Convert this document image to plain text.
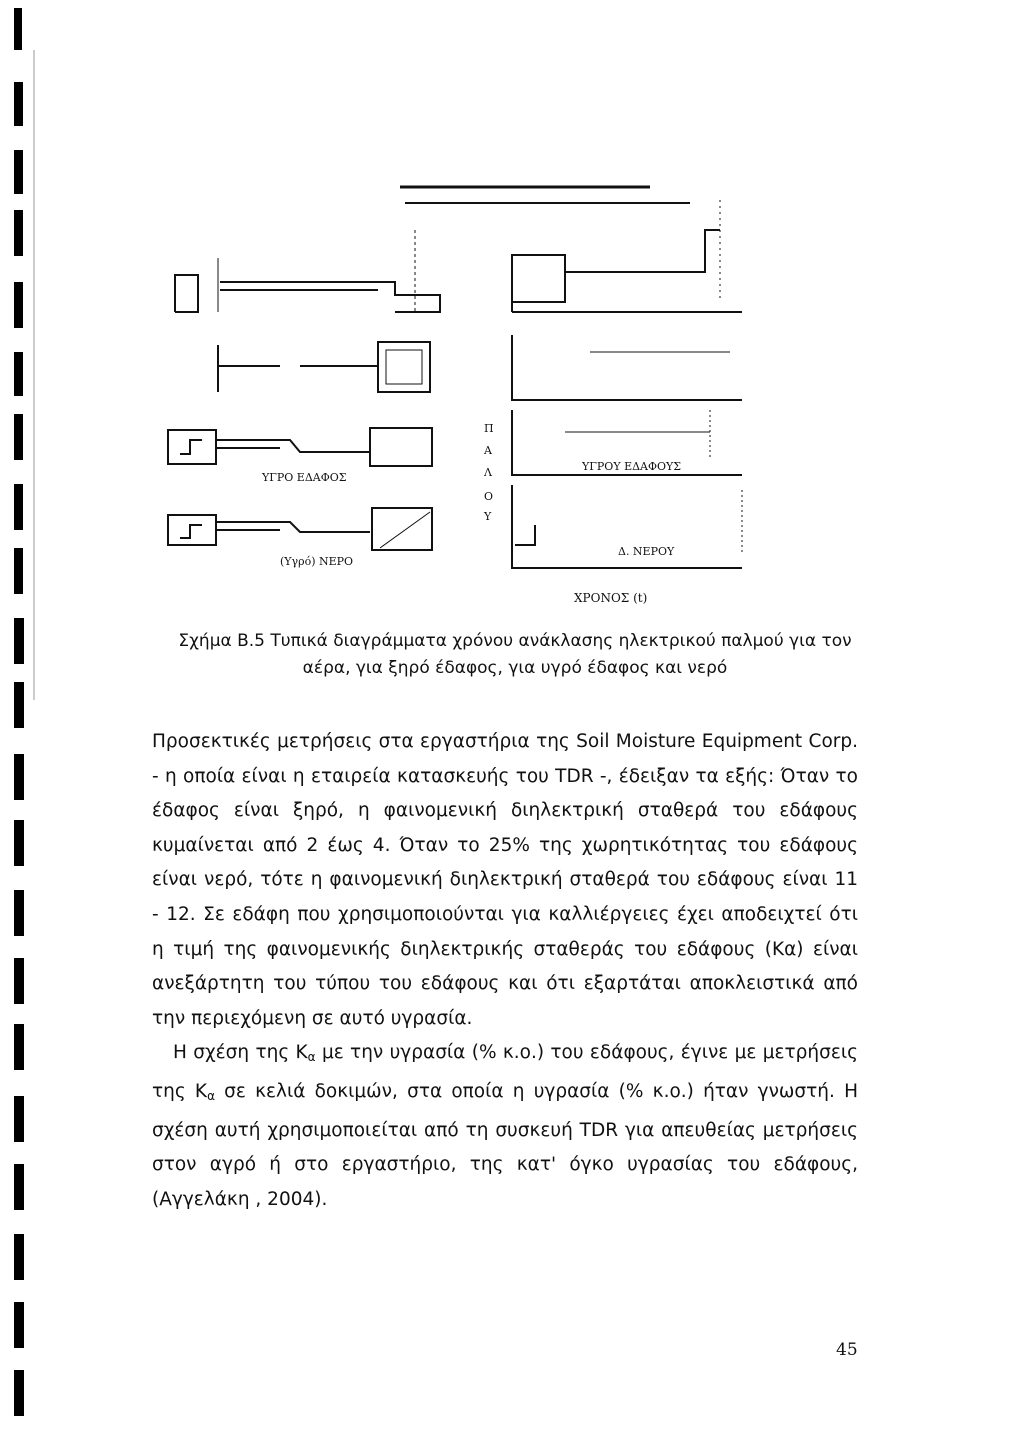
ΥΓΡΟ ΕΔΑΦΟΣ
(Υγρό) ΝΕΡΟ
Π
Α
Λ
Ο
Υ
ΥΓΡΟΥ ΕΔΑΦΟΥΣ
Δ. ΝΕΡΟΥ
ΧΡΟΝΟΣ (t)
Σχήμα Β.5 Τυπικά διαγράμματα χρόνου ανάκλασης ηλεκτρικού παλμού για τον
αέρα, για ξηρό έδαφος, για υγρό έδαφος και νερό

Προσεκτικές μετρήσεις στα εργαστήρια της Soil Moisture Equipment Corp. - η οποία είναι η εταιρεία κατασκευής του TDR -, έδειξαν τα εξής: Όταν το έδαφος είναι ξηρό, η φαινομενική διηλεκτρική σταθερά του εδάφους κυμαίνεται από 2 έως 4. Όταν το 25% της χωρητικότητας του εδάφους είναι νερό, τότε η φαινομενική διηλεκτρική σταθερά του εδάφους είναι 11 - 12. Σε εδάφη που χρησιμοποιούνται για καλλιέργειες έχει αποδειχτεί ότι η τιμή της φαινομενικής διηλεκτρικής σταθεράς του εδάφους (Κα) είναι ανεξάρτητη του τύπου του εδάφους και ότι εξαρτάται αποκλειστικά από την περιεχόμενη σε αυτό υγρασία.

Η σχέση της $K_\alpha$ με την υγρασία (% κ.ο.) του εδάφους, έγινε με μετρήσεις της $K_\alpha$ σε κελιά δοκιμών, στα οποία η υγρασία (% κ.ο.) ήταν γνωστή. Η σχέση αυτή χρησιμοποιείται από τη συσκευή TDR για απευθείας μετρήσεις στον αγρό ή στο εργαστήριο, της κατ' όγκο υγρασίας του εδάφους, (Αγγελάκη , 2004).

45
